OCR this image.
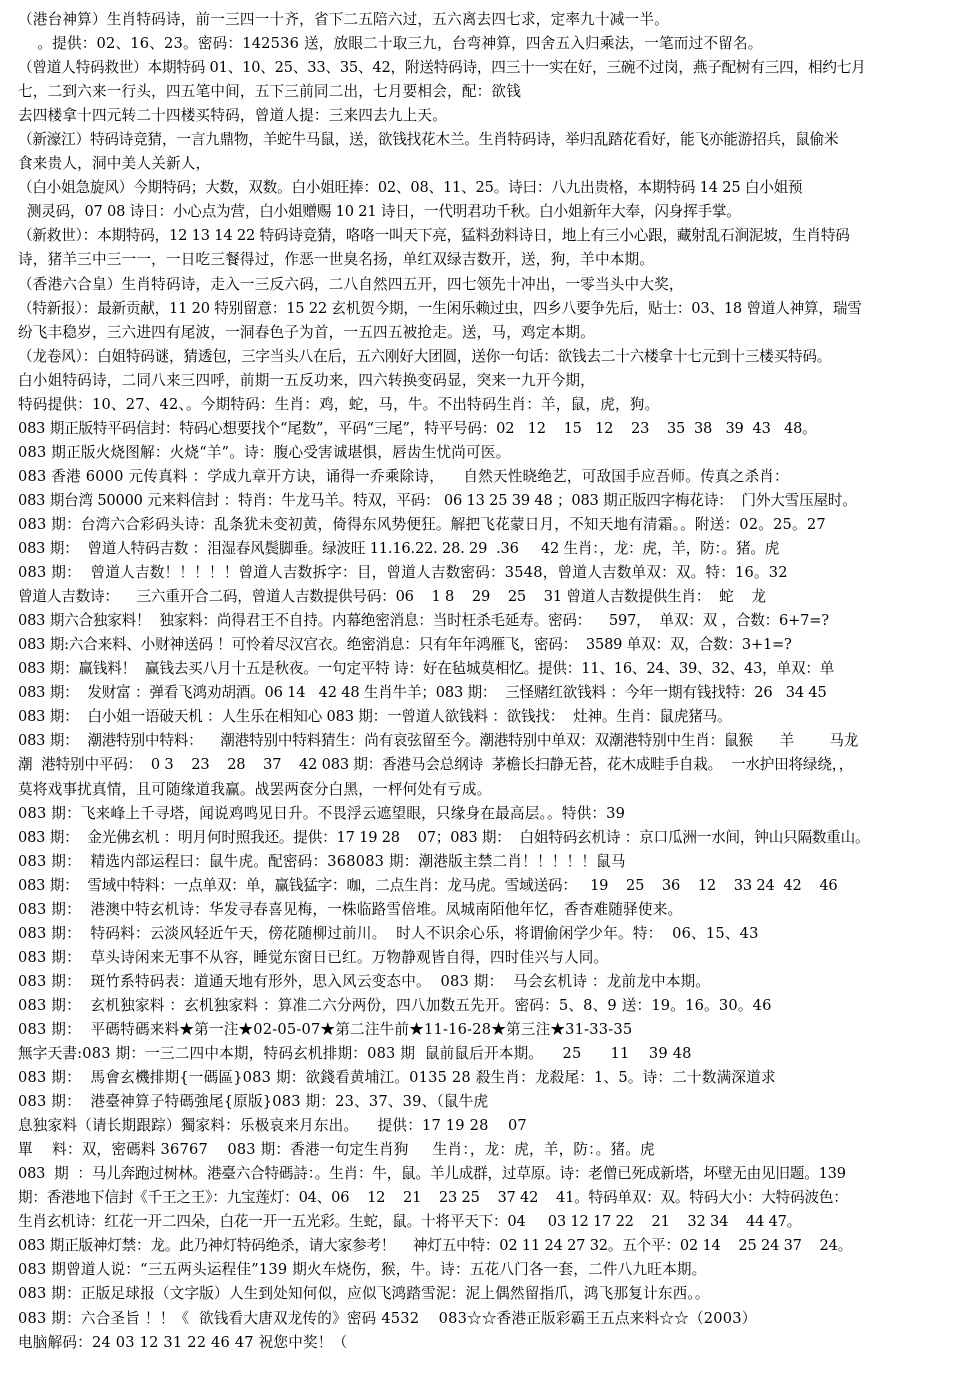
（港台神算）生肖特码诗，前一三四一十齐，省下二五陪六过，五六离去四七求，定率九十减一半。
。提供：02、16、23。密码：142536 送，放眼二十取三九，台弯神算，四舍五入归乘法，一笔而过不留名。
（曾道人特码救世）本期特码 01、10、25、33、35、42，附送特码诗，四三十一实在好，三碗不过岗，燕子配树有三四，相约七月
七，二到六来一行头，四五笔中间，五下三前同二出，七月要相会，配：欲钱
去四楼拿十四元转二十四楼买特码，曾道人提：三来四去九上天。
（新濠江）特码诗竞猜，一言九鼎物，羊蛇牛马鼠，送，欲钱找花木兰。生肖特码诗，举归乱踏花看好，能飞亦能游招兵，鼠偷米
食来贵人，洞中美人关新人，
（白小姐急旋风）今期特码；大数，双数。白小姐旺捧：02、08、11、25。诗曰：八九出贵格，本期特码 14 25 白小姐预
测灵码，07 08 诗日：小心点为营，白小姐赠赐 10 21 诗日，一代明君功千秋。白小姐新年大奉，闪身挥手掌。
（新救世）：本期特码，12 13 14 22 特码诗竞猜，咯咯一叫天下亮，猛料劲料诗日，地上有三小心跟，藏射乱石涧泥坡，生肖特码
诗，猪羊三中三一一，一日吃三餐得过，作恶一世臭名扬，单红双绿吉数开，送，狗，羊中本期。
（香港六合皇）生肖特码诗，走入一三反六码，二八自然四五开，四七领先十冲出，一零当头中大奖，
（特新报）：最新贡献，11 20 特别留意：15 22 玄机贺今期，一生闲乐赖过虫，四乡八要争先后，贴士：03、18 曾道人神算，瑞雪
纷飞丰稳岁，三六进四有尾波，一洞春色子为首，一五四五被抢走。送，马，鸡定本期。
（龙卷风）：白姐特码谜，猜透包，三字当头八在后，五六刚好大团圆，送你一句话：欲钱去二十六楼拿十七元到十三楼买特码。
白小姐特码诗，二同八来三四呼，前期一五反功来，四六转换变码显，突来一九开今期，
特码提供：10、27、42、。今期特码：生肖：鸡，蛇，马，牛。不出特码生肖：羊，鼠，虎，狗。
083 期正版特平码信封：特码心想要找个“尾数”，平码“三尾”，特平号码：02   12    15   12    23    35  38   39  43   48。
083 期正版火烧图解：火烧“羊”。诗：腹心受害诚堪惧，唇齿生忧尚可医。
083 香港 6000 元传真料 ：学成九章开方诀，诵得一乔乘除诗，    自然天性晓绝艺，可敌国手应吾师。传真之杀肖：
083 期台湾 50000 元来料信封 ：特肖：牛龙马羊。特双，平码： 06 13 25 39 48 ；083 期正版四字梅花诗：  门外大雪压屋时。
083 期：台湾六合彩码头诗：乱条犹未变初黄，倚得东风势便狂。解把飞花蒙日月，不知天地有清霜。。附送：02。25。27
083 期：  曾道人特码吉数 ：泪湿春风鬓脚垂。绿波旺 11.16.22. 28. 29  .36     42 生肖：，龙：虎，羊，防：。猪。虎
083 期：  曾道人吉数！！！！！曾道人吉数拆字：目，曾道人吉数密码：3548，曾道人吉数单双：双。特：16。32
曾道人吉数诗：    三六重开合二码，曾道人吉数提供号码：06    1 8    29    25    31 曾道人吉数提供生肖：  蛇    龙
083 期六合独家料！  独家料：尚得君王不自持。内幕绝密消息：当时枉杀毛延寿。密码：    597，  单双：双 ，合数：6+7=?
083 期:六合来料、小财神送码 ！可怜着尽汉宫衣。绝密消息：只有年年鸿雁飞，密码：  3589 单双：双，合数：3+1=?
083 期：赢钱料！  赢钱去买八月十五是秋夜。一句定平特 诗：好在毡城莫相忆。提供：11、16、24、39、32、43，单双：单
083 期：  发财富 ：弹看飞鸿劝胡酒。06 14   42 48 生肖牛羊；083 期：  三怪赌红欲钱料 ：今年一期有钱找特：26   34 45
083 期：  白小姐一语破天机 ：人生乐在相知心 083 期：一曾道人欲钱料 ：欲钱找：  灶神。生肖：鼠虎猪马。
083 期：  潮港特别中特料：    潮港特别中特料猜生：尚有哀弦留至今。潮港特别中单双：双潮港特别中生肖：鼠猴      羊        马龙
潮  港特别中平码：  0 3    23    28    37    42 083 期：香港马会总纲诗  茅檐长扫静无苔，花木成畦手自栽。  一水护田将绿绕，，
莫将戏事扰真情，且可随缘道我赢。战罢两奁分白黑，一枰何处有亏成。
083 期：飞来峰上千寻塔，闻说鸡鸣见日升。不畏浮云遮望眼，只缘身在最高层。。特供：39
083 期：  金光佛玄机 ：明月何时照我还。提供：17 19 28    07；083 期：  白姐特码玄机诗 ：京口瓜洲一水间，钟山只隔数重山。
083 期：  精选内部运程曰：鼠牛虎。配密码：368083 期：潮港版主禁二肖！！！！！鼠马
083 期：  雪域中特料：一点单双：单，赢钱猛字：咖，二点生肖：龙马虎。雪域送码：   19    25    36    12    33 24  42    46
083 期：  港澳中特玄机诗：华发寻春喜见梅，一株临路雪倍堆。凤城南陌他年忆，香杳难随驿使来。
083 期：  特码料：云淡风轻近午天，傍花随柳过前川。  时人不识余心乐，将谓偷闲学少年。特：  06、15、43
083 期：  草头诗闲来无事不从容，睡觉东窗日已红。万物静观皆自得，四时佳兴与人同。
083 期：  斑竹系特码表：道通天地有形外，思入风云变态中。  083 期：  马会玄机诗 ：龙前龙中本期。
083 期：  玄机独家料 ：玄机独家料 ：算准二六分两份，四八加数五先开。密码：5、8、9 送：19。16。30。46
083 期：  平碼特碼来料★第一注★02-05-07★第二注牛前★11-16-28★第三注★31-33-35
無字天書:083 期：一三二四中本期，特码玄机排期：083 期  鼠前鼠后开本期。    25      11    39 48
083 期：  馬會玄機排期{一碼區}083 期：欲錢看黄埔江。0135 28 殺生肖：龙殺尾：1、5。诗：二十数满深道求
083 期：  港臺神算子特碼強尾{原版}083 期：23、37、39、（鼠牛虎
息独家料（请长期跟踪）獨家料：乐极哀来月东出。    提供：17 19 28    07
單    料：双，密碼料 36767    083 期：香港一句定生肖狗     生肖：，龙：虎，羊，防：。猪。虎
083  期  ：马儿奔跑过树林。港臺六合特碼詩：。生肖：牛，鼠。羊儿成群，过草原。诗：老僧已死成新塔，坏壁无由见旧题。139
期：香港地下信封《千王之王》：九宝莲灯：04、06    12    21    23 25    37 42    41。特码单双：双。特码大小：大特码波色：
生肖玄机诗：红花一开二四朵，白花一开一五光彩。生蛇，鼠。十将平天下：04     03 12 17 22    21    32 34    44 47。
083 期正版神灯禁：龙。此乃神灯特码绝杀，请大家参考！    神灯五中特：02 11 24 27 32。五个平：02 14    25 24 37    24。
083 期曾道人说：“三五两头运程佳”139 期火车烧伤，猴，牛。诗：五花八门各一套，二件八九旺本期。
083 期：正版足球报（文字版）人生到处知何似，应似飞鸿踏雪泥：泥上偶然留指爪，鸿飞那复计东西。。
083 期：六合圣旨 ！！《  欲钱看大唐双龙传的》密码 4532    083☆☆香港正版彩霸王五点来料☆☆（2003）
电脑解码：24 03 12 31 22 46 47 祝您中奖！（
